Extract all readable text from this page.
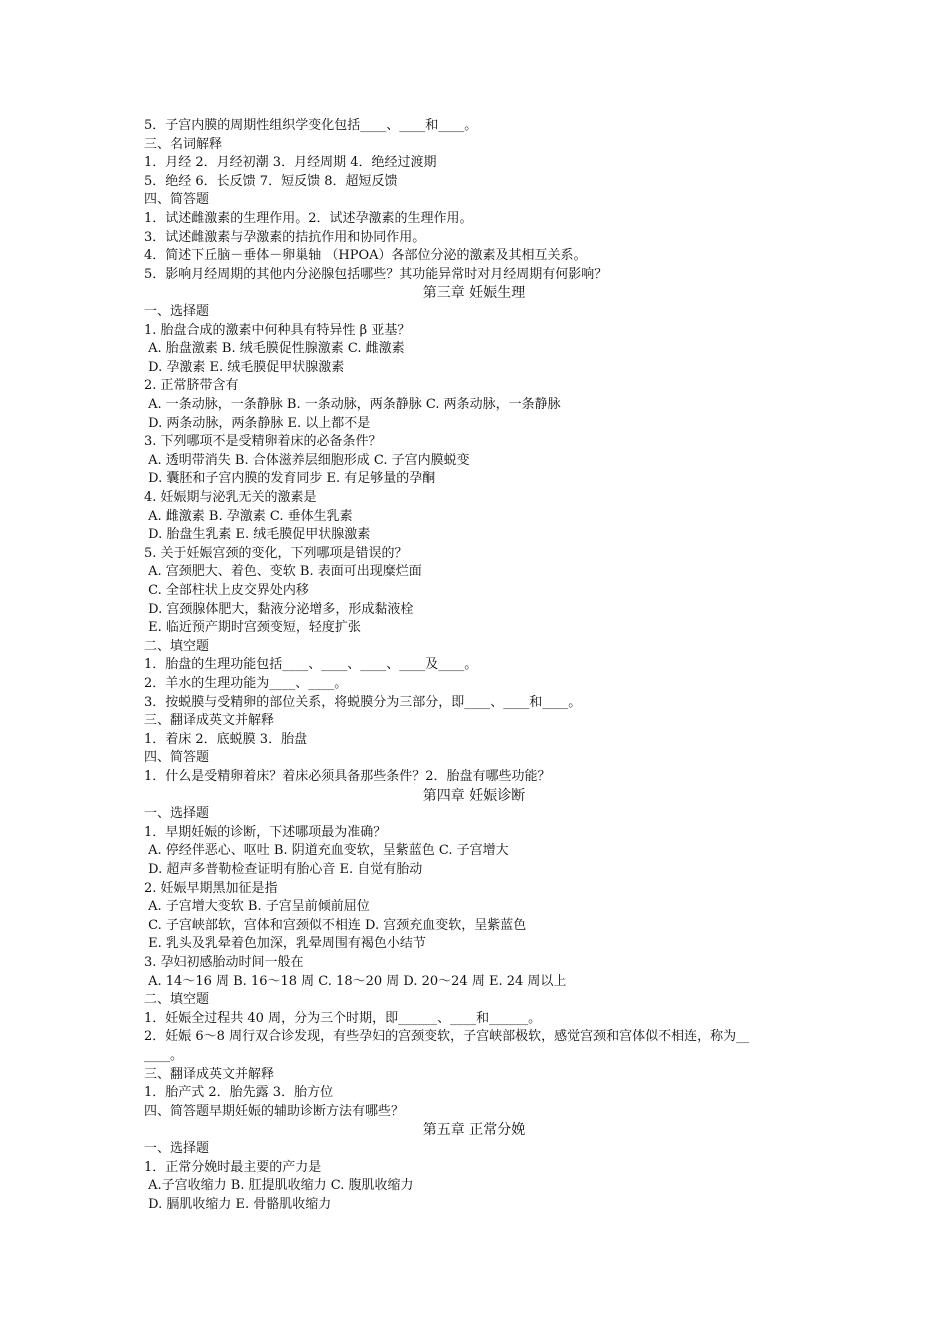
5．子宫内膜的周期性组织学变化包括____、____和____。
三、名词解释
1．月经 2．月经初潮 3．月经周期 4．绝经过渡期
5．绝经 6．长反馈 7．短反馈 8．超短反馈
四、简答题
1．试述雌激素的生理作用。2．试述孕激素的生理作用。
3．试述雌激素与孕激素的拮抗作用和协同作用。
4．简述下丘脑－垂体－卵巢轴 （HPOA）各部位分泌的激素及其相互关系。
5．影响月经周期的其他内分泌腺包括哪些？其功能异常时对月经周期有何影响？
第三章 妊娠生理
一、选择题
1. 胎盘合成的激素中何种具有特异性 β 亚基？
A. 胎盘激素 B. 绒毛膜促性腺激素 C. 雌激素
D. 孕激素 E. 绒毛膜促甲状腺激素
2. 正常脐带含有
A. 一条动脉，一条静脉 B. 一条动脉，两条静脉 C. 两条动脉，一条静脉
D. 两条动脉，两条静脉 E. 以上都不是
3. 下列哪项不是受精卵着床的必备条件？
A. 透明带消失 B. 合体滋养层细胞形成 C. 子宫内膜蜕变
D. 囊胚和子宫内膜的发育同步 E. 有足够量的孕酮
4. 妊娠期与泌乳无关的激素是
A. 雌激素 B. 孕激素 C. 垂体生乳素
D. 胎盘生乳素 E. 绒毛膜促甲状腺激素
5. 关于妊娠宫颈的变化，下列哪项是错误的？
A. 宫颈肥大、着色、变软 B. 表面可出现糜烂面
C. 全部柱状上皮交界处内移
D. 宫颈腺体肥大，黏液分泌增多，形成黏液栓
E. 临近预产期时宫颈变短，轻度扩张
二、填空题
1．胎盘的生理功能包括____、____、____、____及____。
2．羊水的生理功能为____、____。
3．按蜕膜与受精卵的部位关系，将蜕膜分为三部分，即____、____和____。
三、翻译成英文并解释
1．着床 2．底蜕膜 3．胎盘
四、简答题
1．什么是受精卵着床？着床必须具备那些条件？2．胎盘有哪些功能？
第四章 妊娠诊断
一、选择题
1．早期妊娠的诊断，下述哪项最为准确？
A. 停经伴恶心、呕吐 B. 阴道充血变软，呈紫蓝色 C. 子宫增大
D. 超声多普勒检查证明有胎心音 E. 自觉有胎动
2. 妊娠早期黑加征是指
A. 子宫增大变软 B. 子宫呈前倾前屈位
C. 子宫峡部软，宫体和宫颈似不相连 D. 宫颈充血变软，呈紫蓝色
E. 乳头及乳晕着色加深，乳晕周围有褐色小结节
3. 孕妇初感胎动时间一般在
A. 14～16 周 B. 16～18 周 C. 18～20 周 D. 20～24 周 E. 24 周以上
二、填空题
1．妊娠全过程共 40 周，分为三个时期，即______、____和______。
2．妊娠 6～8 周行双合诊发现，有些孕妇的宫颈变软，子宫峡部极软，感觉宫颈和宫体似不相连，称为__
____。
三、翻译成英文并解释
1．胎产式 2．胎先露 3．胎方位
四、简答题早期妊娠的辅助诊断方法有哪些？
第五章 正常分娩
一、选择题
1．正常分娩时最主要的产力是
A.子宫收缩力 B. 肛提肌收缩力 C. 腹肌收缩力
D. 膈肌收缩力 E. 骨骼肌收缩力
